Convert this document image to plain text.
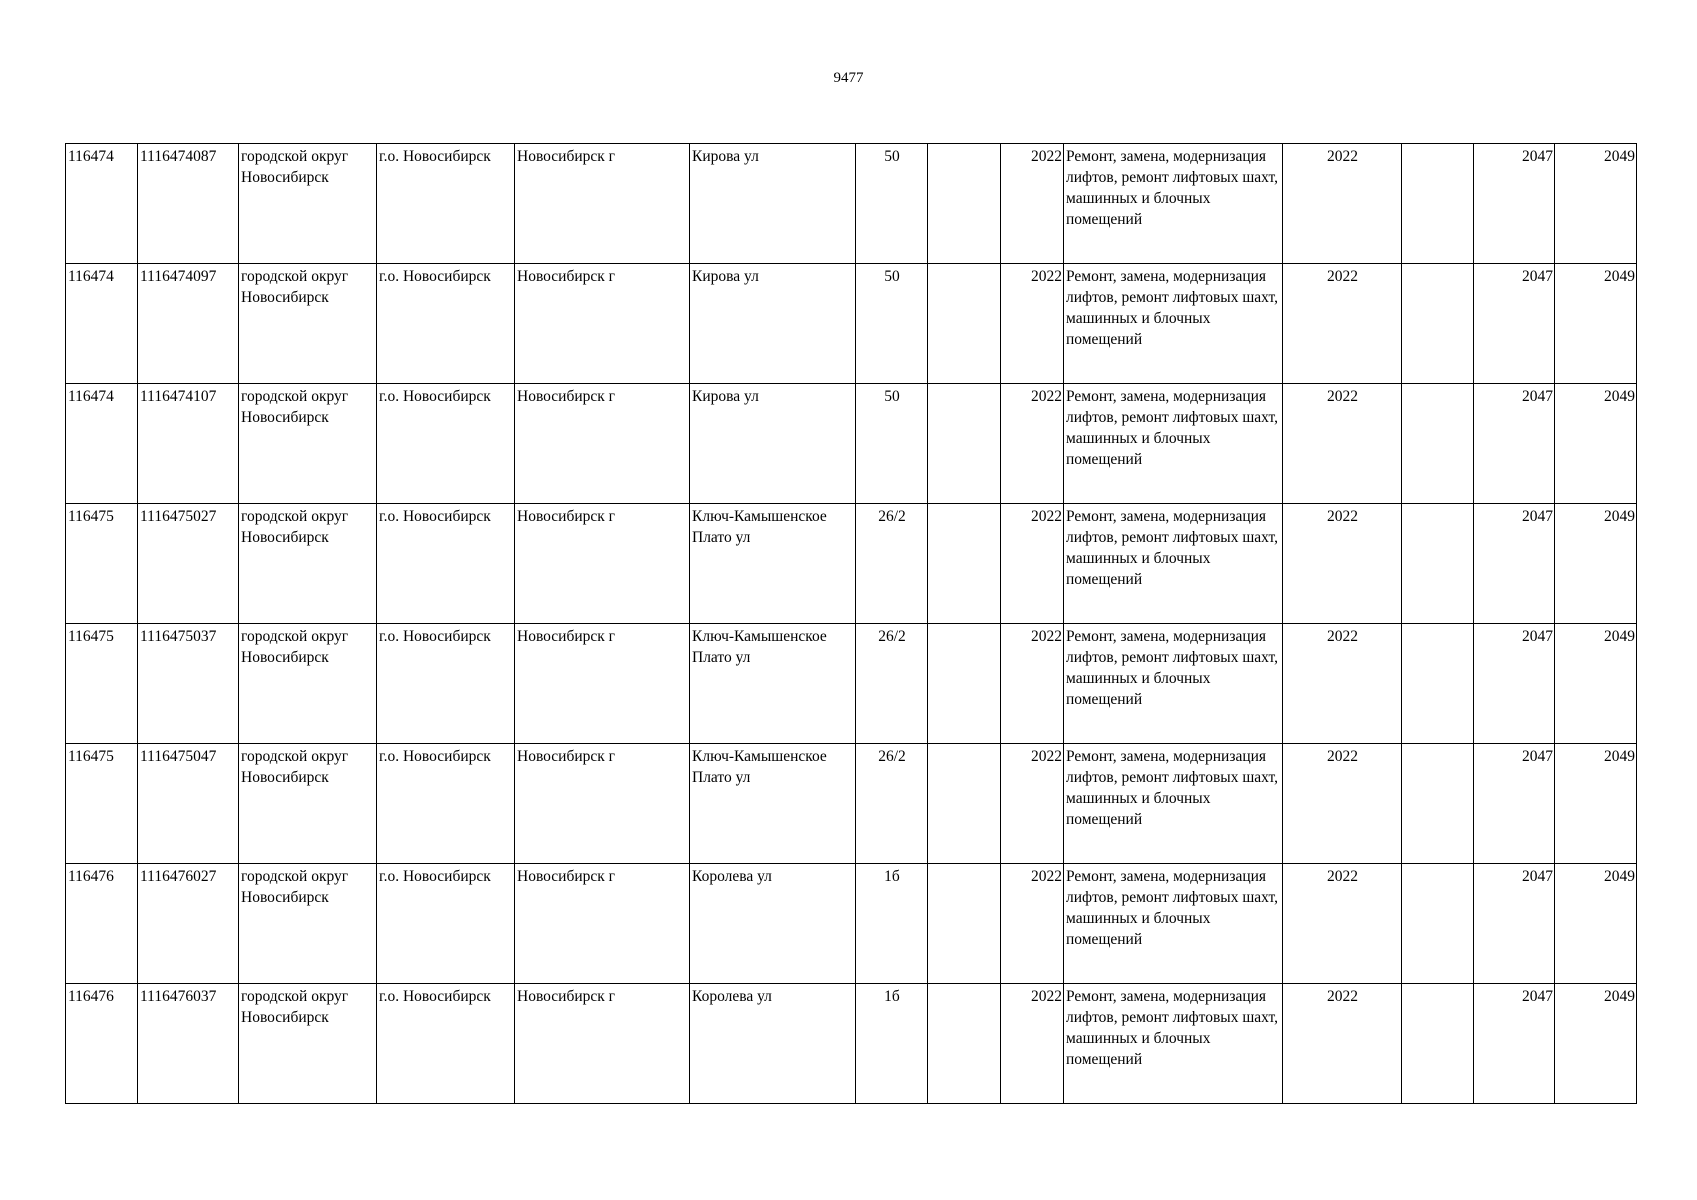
9477
116474	1116474087	городской округ Новосибирск	г.о. Новосибирск	Новосибирск г	Кирова ул	50		2022	Ремонт, замена, модернизация лифтов, ремонт лифтовых шахт, машинных и блочных помещений	2022		2047	2049
116474	1116474097	городской округ Новосибирск	г.о. Новосибирск	Новосибирск г	Кирова ул	50		2022	Ремонт, замена, модернизация лифтов, ремонт лифтовых шахт, машинных и блочных помещений	2022		2047	2049
116474	1116474107	городской округ Новосибирск	г.о. Новосибирск	Новосибирск г	Кирова ул	50		2022	Ремонт, замена, модернизация лифтов, ремонт лифтовых шахт, машинных и блочных помещений	2022		2047	2049
116475	1116475027	городской округ Новосибирск	г.о. Новосибирск	Новосибирск г	Ключ-Камышенское Плато ул	26/2		2022	Ремонт, замена, модернизация лифтов, ремонт лифтовых шахт, машинных и блочных помещений	2022		2047	2049
116475	1116475037	городской округ Новосибирск	г.о. Новосибирск	Новосибирск г	Ключ-Камышенское Плато ул	26/2		2022	Ремонт, замена, модернизация лифтов, ремонт лифтовых шахт, машинных и блочных помещений	2022		2047	2049
116475	1116475047	городской округ Новосибирск	г.о. Новосибирск	Новосибирск г	Ключ-Камышенское Плато ул	26/2		2022	Ремонт, замена, модернизация лифтов, ремонт лифтовых шахт, машинных и блочных помещений	2022		2047	2049
116476	1116476027	городской округ Новосибирск	г.о. Новосибирск	Новосибирск г	Королева ул	1б		2022	Ремонт, замена, модернизация лифтов, ремонт лифтовых шахт, машинных и блочных помещений	2022		2047	2049
116476	1116476037	городской округ Новосибирск	г.о. Новосибирск	Новосибирск г	Королева ул	1б		2022	Ремонт, замена, модернизация лифтов, ремонт лифтовых шахт, машинных и блочных помещений	2022		2047	2049
